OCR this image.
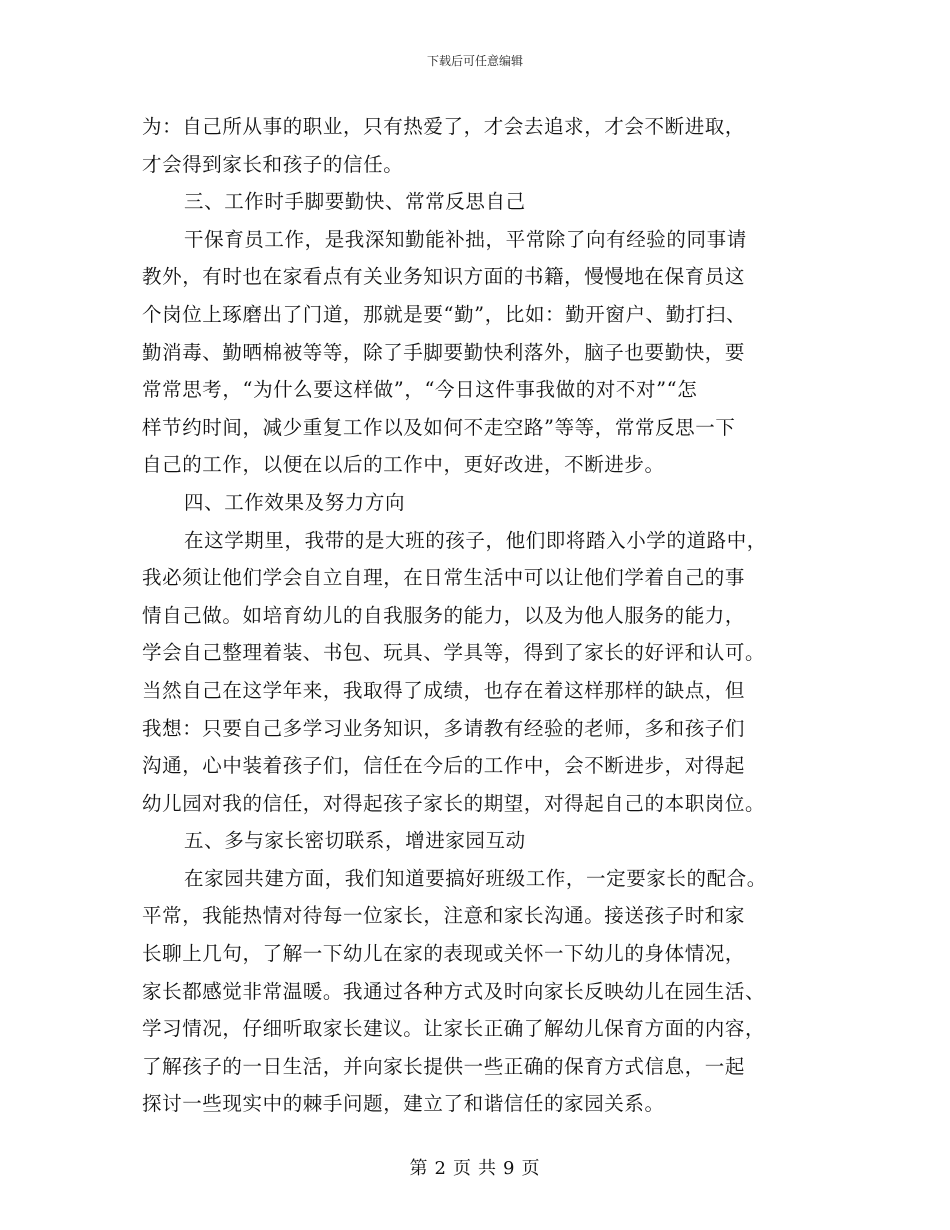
下载后可任意编辑
为：自己所从事的职业，只有热爱了，才会去追求，才会不断进取，
才会得到家长和孩子的信任。
三、工作时手脚要勤快、常常反思自己
干保育员工作，是我深知勤能补拙，平常除了向有经验的同事请
教外，有时也在家看点有关业务知识方面的书籍，慢慢地在保育员这
个岗位上琢磨出了门道，那就是要“勤”，比如：勤开窗户、勤打扫、
勤消毒、勤晒棉被等等，除了手脚要勤快利落外，脑子也要勤快，要
常常思考，“为什么要这样做”，“今日这件事我做的对不对”“怎
样节约时间，减少重复工作以及如何不走空路”等等，常常反思一下
自己的工作，以便在以后的工作中，更好改进，不断进步。
四、工作效果及努力方向
在这学期里，我带的是大班的孩子，他们即将踏入小学的道路中，
我必须让他们学会自立自理，在日常生活中可以让他们学着自己的事
情自己做。如培育幼儿的自我服务的能力，以及为他人服务的能力，
学会自己整理着装、书包、玩具、学具等，得到了家长的好评和认可。
当然自己在这学年来，我取得了成绩，也存在着这样那样的缺点，但
我想：只要自己多学习业务知识，多请教有经验的老师，多和孩子们
沟通，心中装着孩子们，信任在今后的工作中，会不断进步，对得起
幼儿园对我的信任，对得起孩子家长的期望，对得起自己的本职岗位。
五、多与家长密切联系，增进家园互动
在家园共建方面，我们知道要搞好班级工作，一定要家长的配合。
平常，我能热情对待每一位家长，注意和家长沟通。接送孩子时和家
长聊上几句，了解一下幼儿在家的表现或关怀一下幼儿的身体情况，
家长都感觉非常温暖。我通过各种方式及时向家长反映幼儿在园生活、
学习情况，仔细听取家长建议。让家长正确了解幼儿保育方面的内容，
了解孩子的一日生活，并向家长提供一些正确的保育方式信息，一起
探讨一些现实中的棘手问题，建立了和谐信任的家园关系。
第 2 页 共 9 页
